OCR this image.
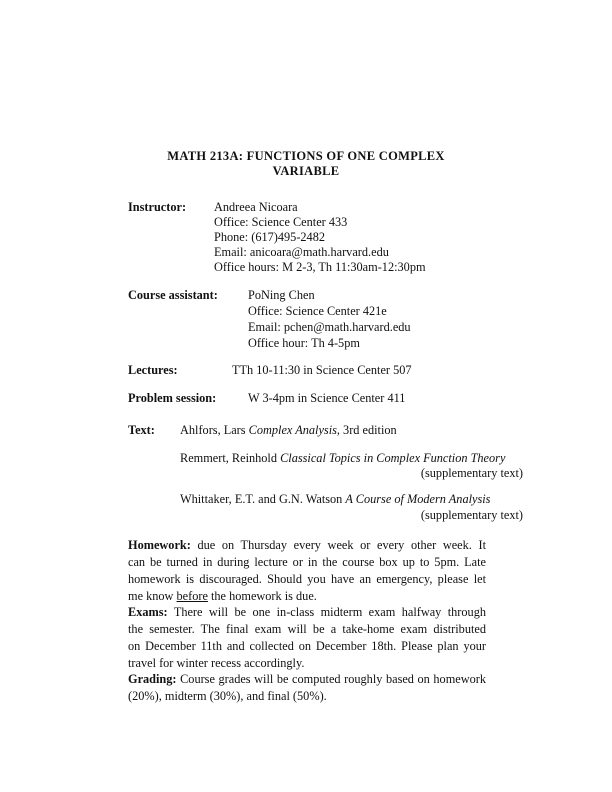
MATH 213A: FUNCTIONS OF ONE COMPLEX
VARIABLE
Instructor: Andreea Nicoara
Office: Science Center 433
Phone: (617)495-2482
Email: anicoara@math.harvard.edu
Office hours: M 2-3, Th 11:30am-12:30pm
Course assistant: PoNing Chen
Office: Science Center 421e
Email: pchen@math.harvard.edu
Office hour: Th 4-5pm
Lectures:	TTh 10-11:30 in Science Center 507
Problem session:	W 3-4pm in Science Center 411
Text: Ahlfors, Lars Complex Analysis, 3rd edition
Remmert, Reinhold Classical Topics in Complex Function Theory
(supplementary text)
Whittaker, E.T. and G.N. Watson A Course of Modern Analysis
(supplementary text)
Homework: due on Thursday every week or every other week. It
can be turned in during lecture or in the course box up to 5pm. Late
homework is discouraged. Should you have an emergency, please let
me know before the homework is due.
Exams: There will be one in-class midterm exam halfway through
the semester. The final exam will be a take-home exam distributed
on December 11th and collected on December 18th. Please plan your
travel for winter recess accordingly.
Grading: Course grades will be computed roughly based on homework
(20%), midterm (30%), and final (50%).
